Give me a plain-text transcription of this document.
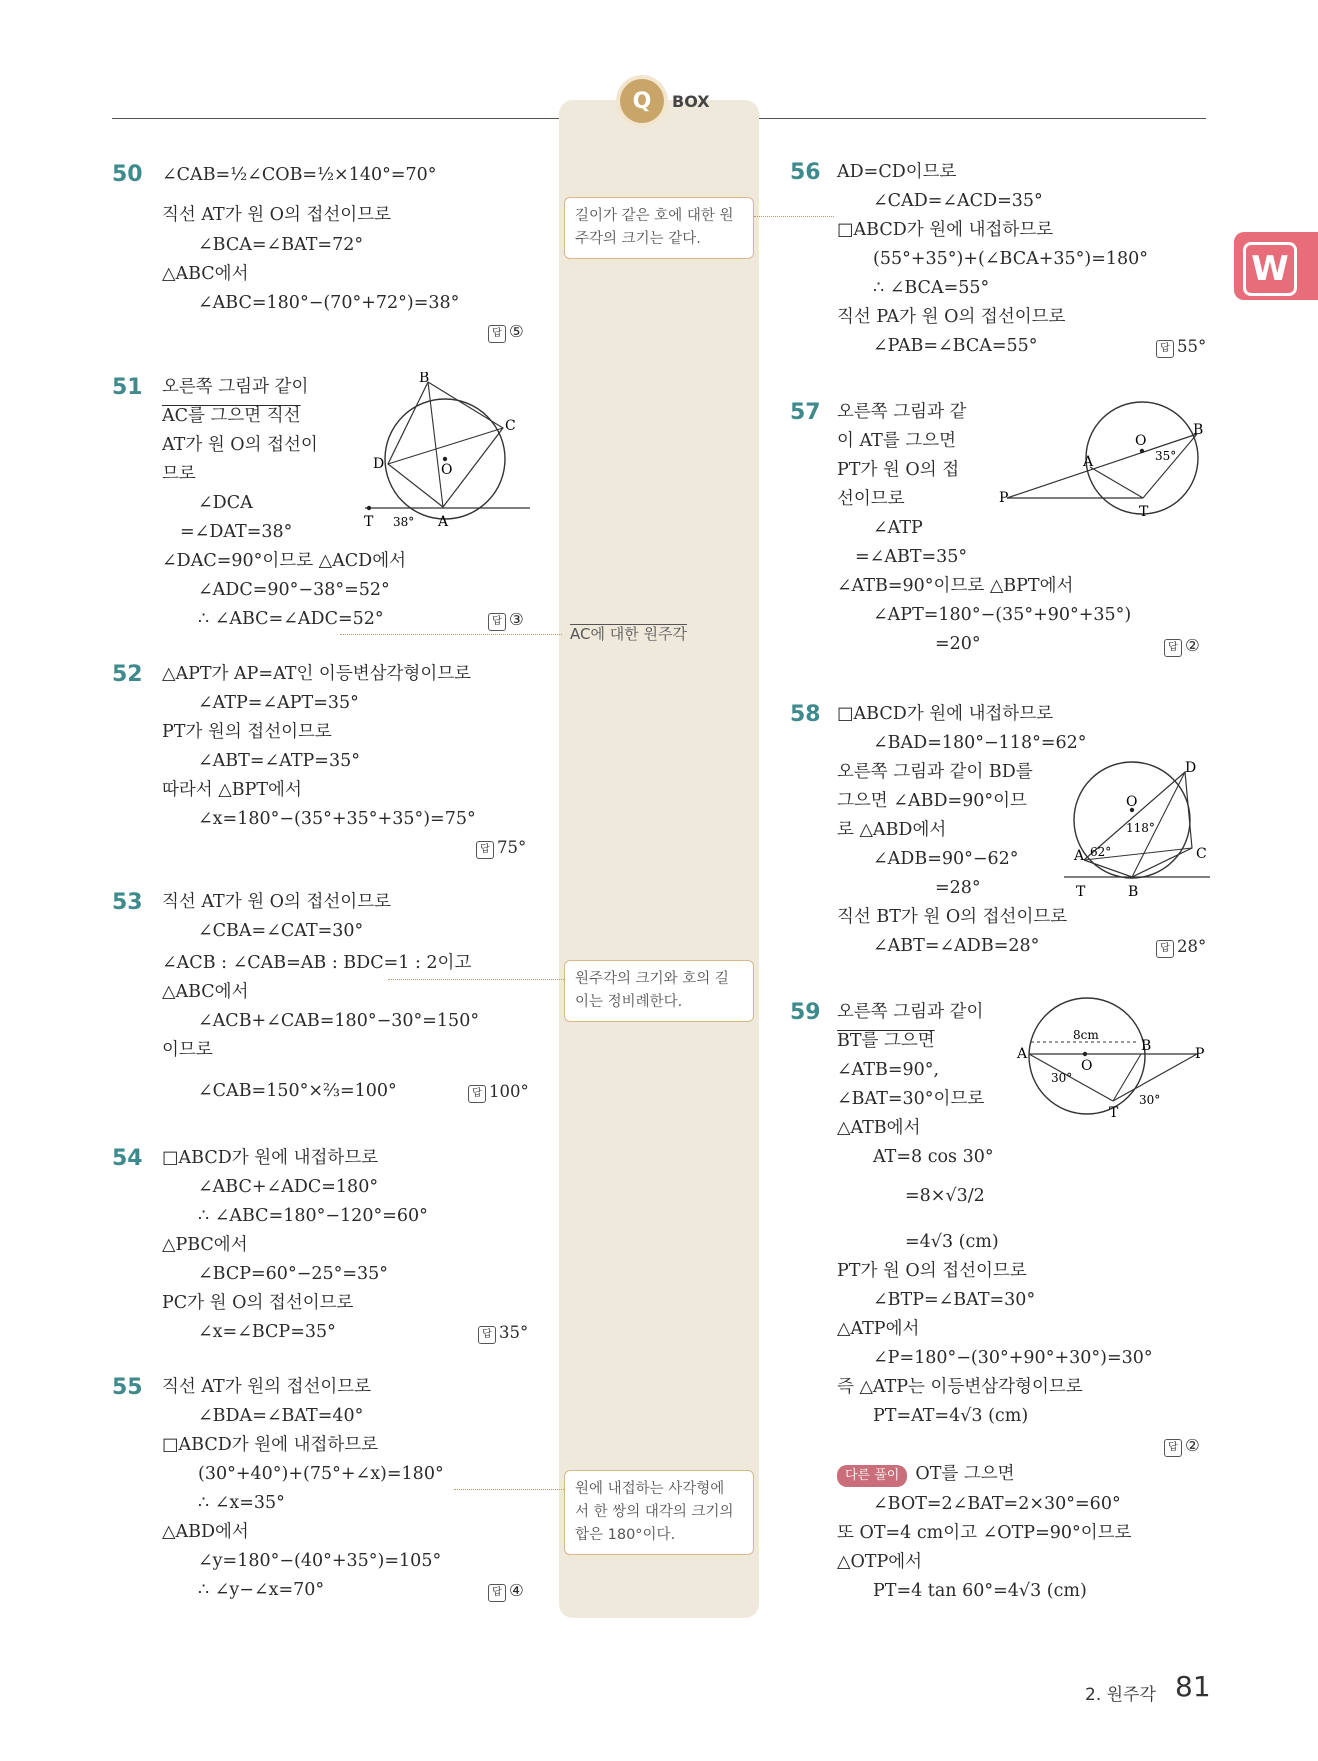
Q	BOX
W
길이가 같은 호에 대한 원
주각의 크기는 같다.
AC에 대한 원주각
원주각의 크기와 호의 길
이는 정비례한다.
원에 내접하는 사각형에
서 한 쌍의 대각의 크기의
합은 180°이다.
50 ∠CAB=½∠COB=½×140°=70°
직선 AT가 원 O의 접선이므로
∠BCA=∠BAT=72°
△ABC에서
∠ABC=180°−(70°+72°)=38°
답 ⑤
51 오른쪽 그림과 같이
AC를 그으면 직선
AT가 원 O의 접선이
므로
∠DCA
=∠DAT=38°
∠DAC=90°이므로 △ACD에서
∠ADC=90°−38°=52°
∴ ∠ABC=∠ADC=52°	답 ③
B
C
D	O
T	A
38°
52 △APT가 AP=AT인 이등변삼각형이므로
∠ATP=∠APT=35°
PT가 원의 접선이므로
∠ABT=∠ATP=35°
따라서 △BPT에서
∠x=180°−(35°+35°+35°)=75°
답 75°
53 직선 AT가 원 O의 접선이므로
∠CBA=∠CAT=30°
∠ACB : ∠CAB=AB : BDC=1 : 2이고
△ABC에서
∠ACB+∠CAB=180°−30°=150°
이므로
∠CAB=150°×⅔=100°	답 100°
54 □ABCD가 원에 내접하므로
∠ABC+∠ADC=180°
∴ ∠ABC=180°−120°=60°
△PBC에서
∠BCP=60°−25°=35°
PC가 원 O의 접선이므로
∠x=∠BCP=35°	답 35°
55 직선 AT가 원의 접선이므로
∠BDA=∠BAT=40°
□ABCD가 원에 내접하므로
(30°+40°)+(75°+∠x)=180°
∴ ∠x=35°
△ABD에서
∠y=180°−(40°+35°)=105°
∴ ∠y−∠x=70°	답 ④
56 AD=CD이므로
∠CAD=∠ACD=35°
□ABCD가 원에 내접하므로
(55°+35°)+(∠BCA+35°)=180°
∴ ∠BCA=55°
직선 PA가 원 O의 접선이므로
∠PAB=∠BCA=55°	답 55°
57 오른쪽 그림과 같
이 AT를 그으면
PT가 원 O의 접
선이므로
∠ATP
=∠ABT=35°
∠ATB=90°이므로 △BPT에서
∠APT=180°−(35°+90°+35°)
=20°	답 ②
O
B
A
P
T
35°
58 □ABCD가 원에 내접하므로
∠BAD=180°−118°=62°
오른쪽 그림과 같이 BD를
그으면 ∠ABD=90°이므
로 △ABD에서
∠ADB=90°−62°
=28°
직선 BT가 원 O의 접선이므로
∠ABT=∠ADB=28°	답 28°
D
O
A	C
T	B
118°
62°
59 오른쪽 그림과 같이
BT를 그으면
∠ATB=90°,
∠BAT=30°이므로
△ATB에서
AT=8 cos 30°
=8×√3/2
=4√3 (cm)
PT가 원 O의 접선이므로
∠BTP=∠BAT=30°
△ATP에서
∠P=180°−(30°+90°+30°)=30°
즉 △ATP는 이등변삼각형이므로
PT=AT=4√3 (cm)
답 ②
다른 풀이 OT를 그으면
∠BOT=2∠BAT=2×30°=60°
또 OT=4 cm이고 ∠OTP=90°이므로
△OTP에서
PT=4 tan 60°=4√3 (cm)
A	B	P
O
T
8cm
30°
30°
2. 원주각 81
